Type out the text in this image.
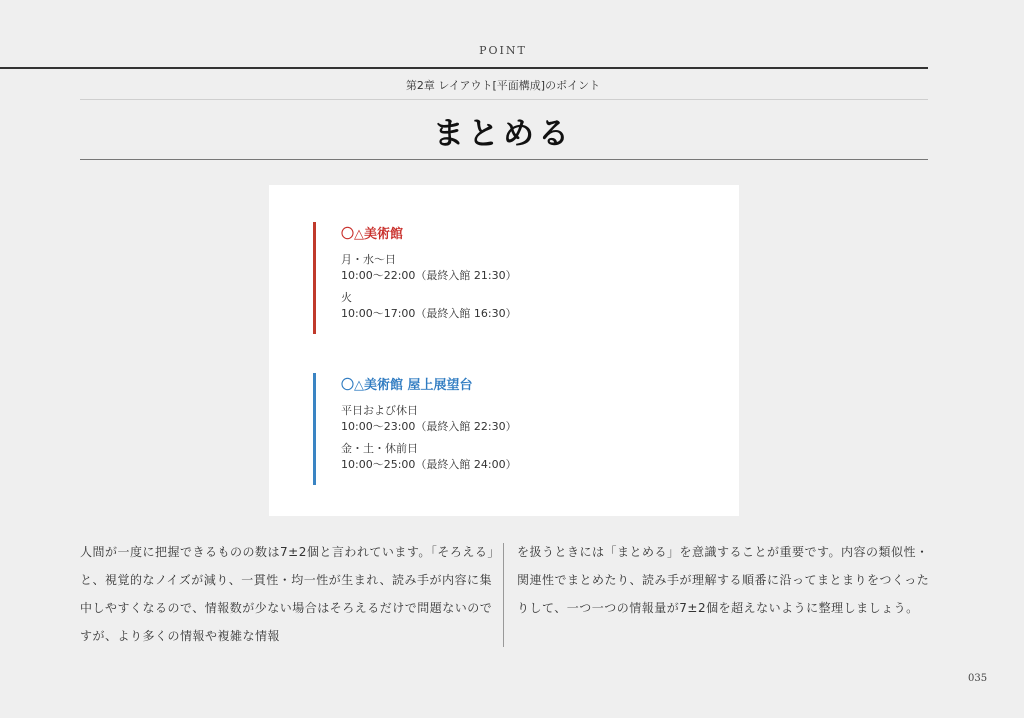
POINT
第2章 レイアウト[平面構成]のポイント
まとめる
〇△美術館
月・水〜日
10:00〜22:00（最終入館 21:30）
火
10:00〜17:00（最終入館 16:30）
〇△美術館 屋上展望台
平日および休日
10:00〜23:00（最終入館 22:30）
金・土・休前日
10:00〜25:00（最終入館 24:00）
人間が一度に把握できるものの数は7±2個と言われています。「そろえる」と、視覚的なノイズが減り、一貫性・均一性が生まれ、読み手が内容に集中しやすくなるので、情報数が少ない場合はそろえるだけで問題ないのですが、より多くの情報や複雑な情報
を扱うときには「まとめる」を意識することが重要です。内容の類似性・関連性でまとめたり、読み手が理解する順番に沿ってまとまりをつくったりして、一つ一つの情報量が7±2個を超えないように整理しましょう。
035
